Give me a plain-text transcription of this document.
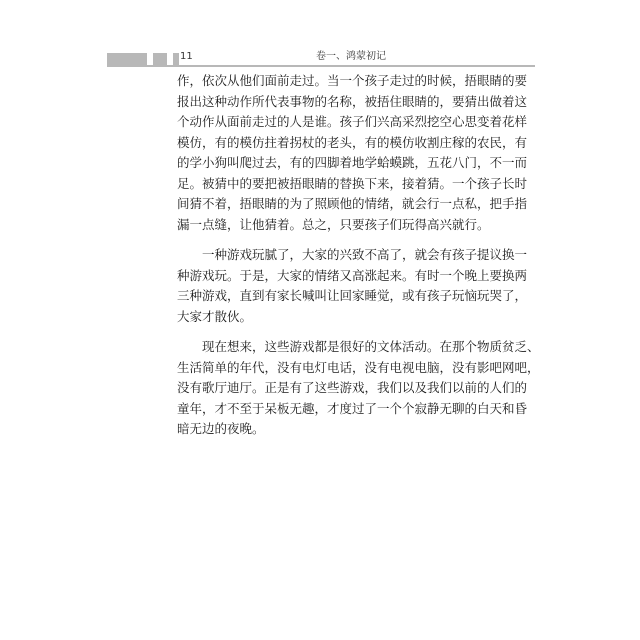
11	卷一、鸿蒙初记

作，依次从他们面前走过。当一个孩子走过的时候，捂眼睛的要
报出这种动作所代表事物的名称，被捂住眼睛的，要猜出做着这
个动作从面前走过的人是谁。孩子们兴高采烈挖空心思变着花样
模仿，有的模仿拄着拐杖的老头，有的模仿收割庄稼的农民，有
的学小狗叫爬过去，有的四脚着地学蛤蟆跳，五花八门，不一而
足。被猜中的要把被捂眼睛的替换下来，接着猜。一个孩子长时
间猜不着，捂眼睛的为了照顾他的情绪，就会行一点私，把手指
漏一点缝，让他猜着。总之，只要孩子们玩得高兴就行。

一种游戏玩腻了，大家的兴致不高了，就会有孩子提议换一
种游戏玩。于是，大家的情绪又高涨起来。有时一个晚上要换两
三种游戏，直到有家长喊叫让回家睡觉，或有孩子玩恼玩哭了，
大家才散伙。

现在想来，这些游戏都是很好的文体活动。在那个物质贫乏、
生活简单的年代，没有电灯电话，没有电视电脑，没有影吧网吧，
没有歌厅迪厅。正是有了这些游戏，我们以及我们以前的人们的
童年，才不至于呆板无趣，才度过了一个个寂静无聊的白天和昏
暗无边的夜晚。
